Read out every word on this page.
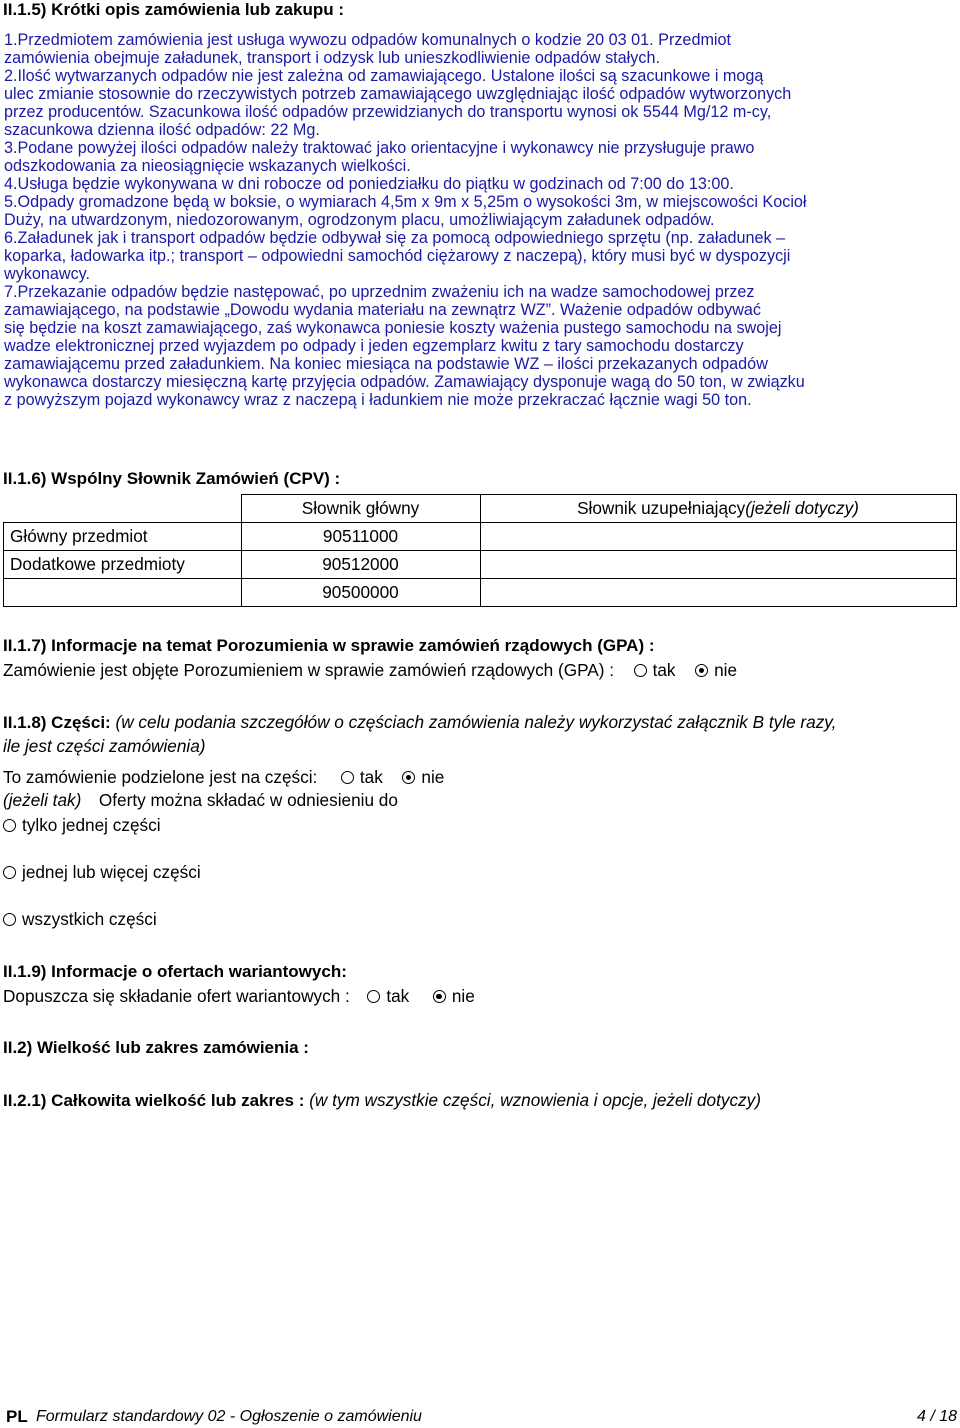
II.1.5) Krótki opis zamówienia lub zakupu :
1.Przedmiotem zamówienia jest usługa wywozu odpadów komunalnych o kodzie 20 03 01. Przedmiot
zamówienia obejmuje załadunek, transport i odzysk lub unieszkodliwienie odpadów stałych.
2.Ilość wytwarzanych odpadów nie jest zależna od zamawiającego. Ustalone ilości są szacunkowe i mogą
ulec zmianie stosownie do rzeczywistych potrzeb zamawiającego uwzględniając ilość odpadów wytworzonych
przez producentów. Szacunkowa ilość odpadów przewidzianych do transportu wynosi ok 5544 Mg/12 m-cy,
szacunkowa dzienna ilość odpadów: 22 Mg.
3.Podane powyżej ilości odpadów należy traktować jako orientacyjne i wykonawcy nie przysługuje prawo
odszkodowania za nieosiągnięcie wskazanych wielkości.
4.Usługa będzie wykonywana w dni robocze od poniedziałku do piątku w godzinach od 7:00 do 13:00.
5.Odpady gromadzone będą w boksie, o wymiarach 4,5m x 9m x 5,25m o wysokości 3m, w miejscowości Kocioł
Duży, na utwardzonym, niedozorowanym, ogrodzonym placu, umożliwiającym załadunek odpadów.
6.Załadunek jak i transport odpadów będzie odbywał się za pomocą odpowiedniego sprzętu (np. załadunek –
koparka, ładowarka itp.; transport – odpowiedni samochód ciężarowy z naczepą), który musi być w dyspozycji
wykonawcy.
7.Przekazanie odpadów będzie następować, po uprzednim zważeniu ich na wadze samochodowej przez
zamawiającego, na podstawie „Dowodu wydania materiału na zewnątrz WZ”. Ważenie odpadów odbywać
się będzie na koszt zamawiającego, zaś wykonawca poniesie koszty ważenia pustego samochodu na swojej
wadze elektronicznej przed wyjazdem po odpady i jeden egzemplarz kwitu z tary samochodu dostarczy
zamawiającemu przed załadunkiem. Na koniec miesiąca na podstawie WZ – ilości przekazanych odpadów
wykonawca dostarczy miesięczną kartę przyjęcia odpadów. Zamawiający dysponuje wagą do 50 ton, w związku
z powyższym pojazd wykonawcy wraz z naczepą i ładunkiem nie może przekraczać łącznie wagi 50 ton.
II.1.6) Wspólny Słownik Zamówień (CPV) :
	Słownik główny	Słownik uzupełniający(jeżeli dotyczy)
Główny przedmiot	90511000	
Dodatkowe przedmioty	90512000	
	90500000	
II.1.7) Informacje na temat Porozumienia w sprawie zamówień rządowych (GPA) :
Zamówienie jest objęte Porozumieniem w sprawie zamówień rządowych (GPA) : tak nie
II.1.8) Części: (w celu podania szczegółów o częściach zamówienia należy wykorzystać załącznik B tyle razy,
ile jest części zamówienia)
To zamówienie podzielone jest na części: tak nie
(jeżeli tak) Oferty można składać w odniesieniu do
tylko jednej części
jednej lub więcej części
wszystkich części
II.1.9) Informacje o ofertach wariantowych:
Dopuszcza się składanie ofert wariantowych : tak nie
II.2) Wielkość lub zakres zamówienia :
II.2.1) Całkowita wielkość lub zakres : (w tym wszystkie części, wznowienia i opcje, jeżeli dotyczy)
PL Formularz standardowy 02 - Ogłoszenie o zamówieniu	4 / 18
